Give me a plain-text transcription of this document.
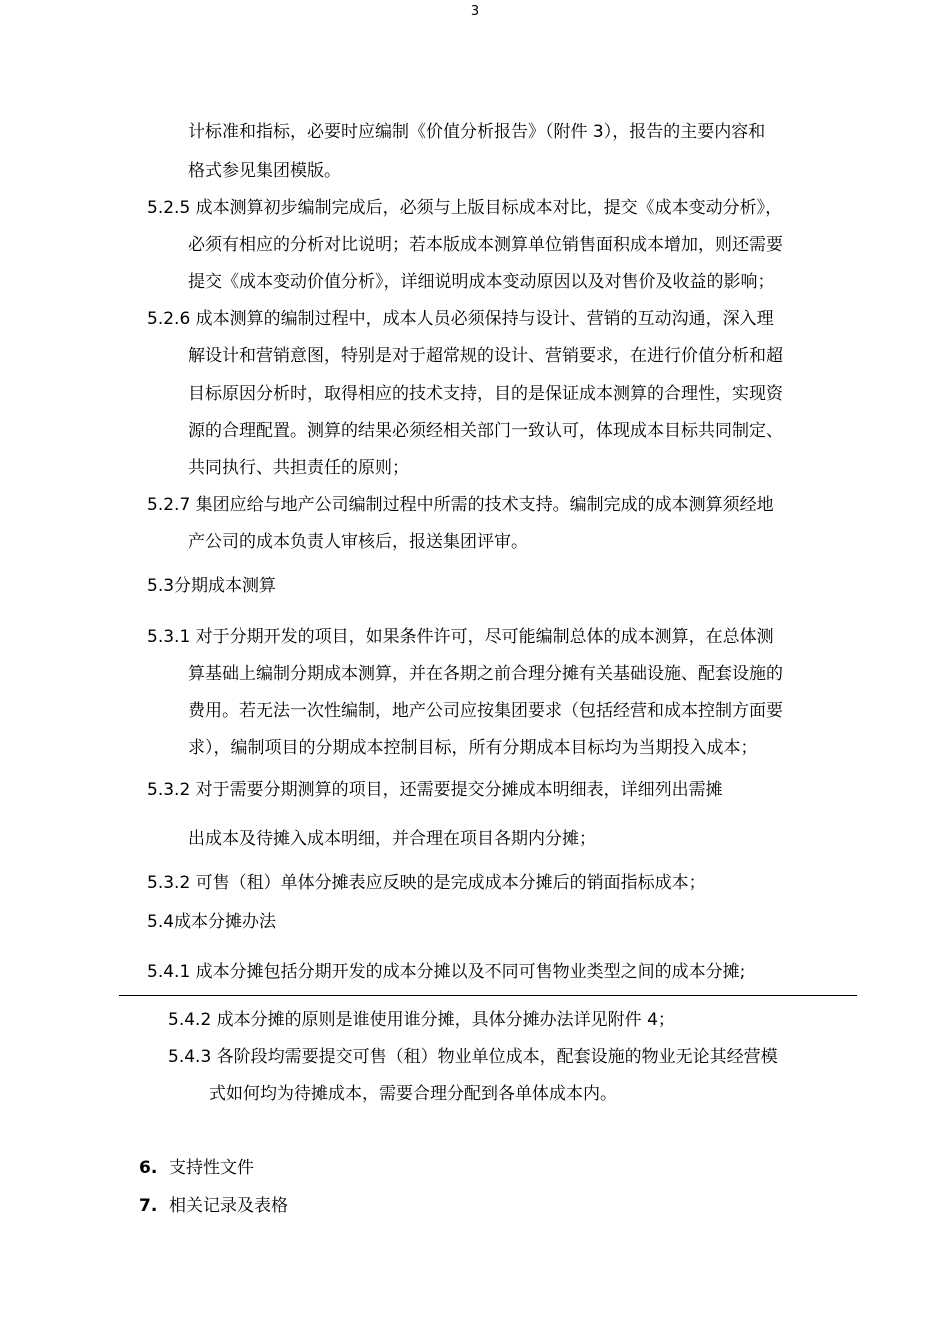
3
计标准和指标，必要时应编制《价值分析报告》（附件 3），报告的主要内容和
格式参见集团模版。
5.2.5 成本测算初步编制完成后，必须与上版目标成本对比，提交《成本变动分析》，
必须有相应的分析对比说明；若本版成本测算单位销售面积成本增加，则还需要
提交《成本变动价值分析》，详细说明成本变动原因以及对售价及收益的影响；
5.2.6 成本测算的编制过程中，成本人员必须保持与设计、营销的互动沟通，深入理
解设计和营销意图，特别是对于超常规的设计、营销要求，在进行价值分析和超
目标原因分析时，取得相应的技术支持，目的是保证成本测算的合理性，实现资
源的合理配置。测算的结果必须经相关部门一致认可，体现成本目标共同制定、
共同执行、共担责任的原则；
5.2.7 集团应给与地产公司编制过程中所需的技术支持。编制完成的成本测算须经地
产公司的成本负责人审核后，报送集团评审。
5.3分期成本测算
5.3.1 对于分期开发的项目，如果条件许可，尽可能编制总体的成本测算，在总体测
算基础上编制分期成本测算，并在各期之前合理分摊有关基础设施、配套设施的
费用。若无法一次性编制，地产公司应按集团要求（包括经营和成本控制方面要
求），编制项目的分期成本控制目标，所有分期成本目标均为当期投入成本；
5.3.2 对于需要分期测算的项目，还需要提交分摊成本明细表，详细列出需摊
出成本及待摊入成本明细，并合理在项目各期内分摊；
5.3.2 可售（租）单体分摊表应反映的是完成成本分摊后的销面指标成本；
5.4成本分摊办法
5.4.1 成本分摊包括分期开发的成本分摊以及不同可售物业类型之间的成本分摊;
5.4.2 成本分摊的原则是谁使用谁分摊，具体分摊办法详见附件 4；
5.4.3 各阶段均需要提交可售（租）物业单位成本，配套设施的物业无论其经营模
式如何均为待摊成本，需要合理分配到各单体成本内。
6. 支持性文件
7. 相关记录及表格
